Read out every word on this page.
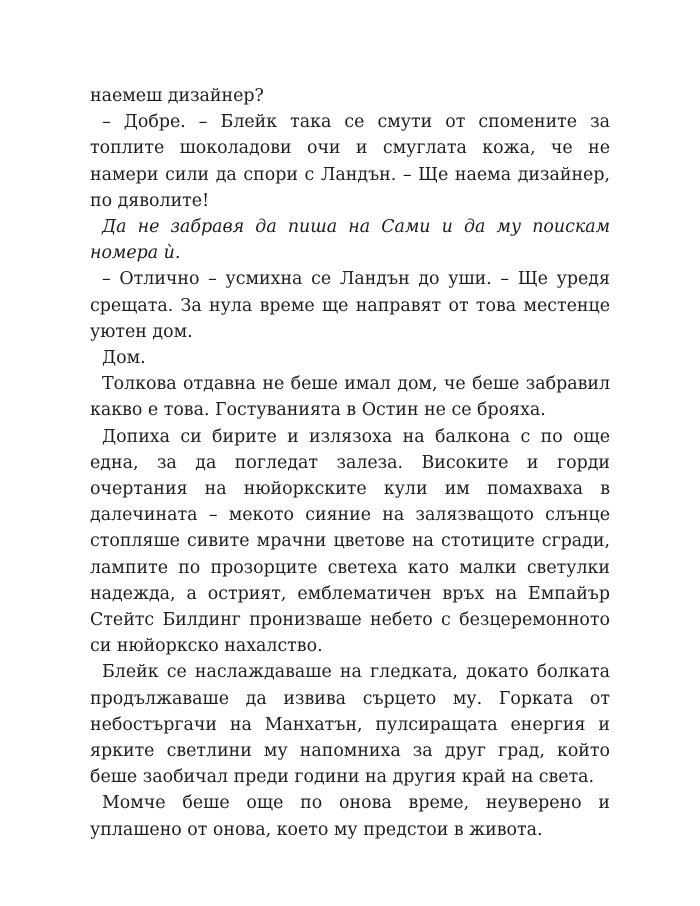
наемеш дизайнер?

– Добре. – Блейк така се смути от спомените за топлите шоколадови очи и смуглата кожа, че не намери сили да спори с Ландън. – Ще наема дизайнер, по дяволите!

Да не забравя да пиша на Сами и да му поискам номера ѝ.

– Отлично – усмихна се Ландън до уши. – Ще уредя срещата. За нула време ще направят от това местенце уютен дом.

Дом.

Толкова отдавна не беше имал дом, че беше забравил какво е това. Гостуванията в Остин не се брояха.

Допиха си бирите и излязоха на балкона с по още една, за да погледат залеза. Високите и горди очертания на нюйоркските кули им помахваха в далечината – мекото сияние на залязващото слънце стопляше сивите мрачни цветове на стотиците сгради, лампите по прозорците светеха като малки светулки надежда, а острият, емблематичен връх на Емпайър Стейтс Билдинг пронизваше небето с безцеремонното си нюйоркско нахалство.

Блейк се наслаждаваше на гледката, докато болката продължаваше да извива сърцето му. Горката от небостъргачи на Манхатън, пулсиращата енергия и ярките светлини му напомниха за друг град, който беше заобичал преди години на другия край на света.

Момче беше още по онова време, неуверено и уплашено от онова, което му предстои в живота.
